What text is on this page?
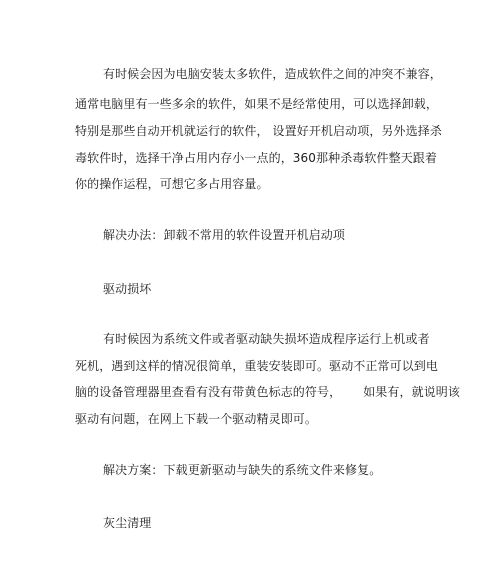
有时候会因为电脑安装太多软件，造成软件之间的冲突不兼容，
通常电脑里有一些多余的软件，如果不是经常使用，可以选择卸载，
特别是那些自动开机就运行的软件， 设置好开机启动项，另外选择杀
毒软件时，选择干净占用内存小一点的，360那种杀毒软件整天跟着
你的操作运程，可想它多占用容量。
解决办法：卸载不常用的软件设置开机启动项
驱动损坏
有时候因为系统文件或者驱动缺失损坏造成程序运行上机或者
死机，遇到这样的情况很简单，重装安装即可。驱动不正常可以到电
脑的设备管理器里查看有没有带黄色标志的符号， 如果有，就说明该
驱动有问题，在网上下载一个驱动精灵即可。
解决方案：下载更新驱动与缺失的系统文件来修复。
灰尘清理
